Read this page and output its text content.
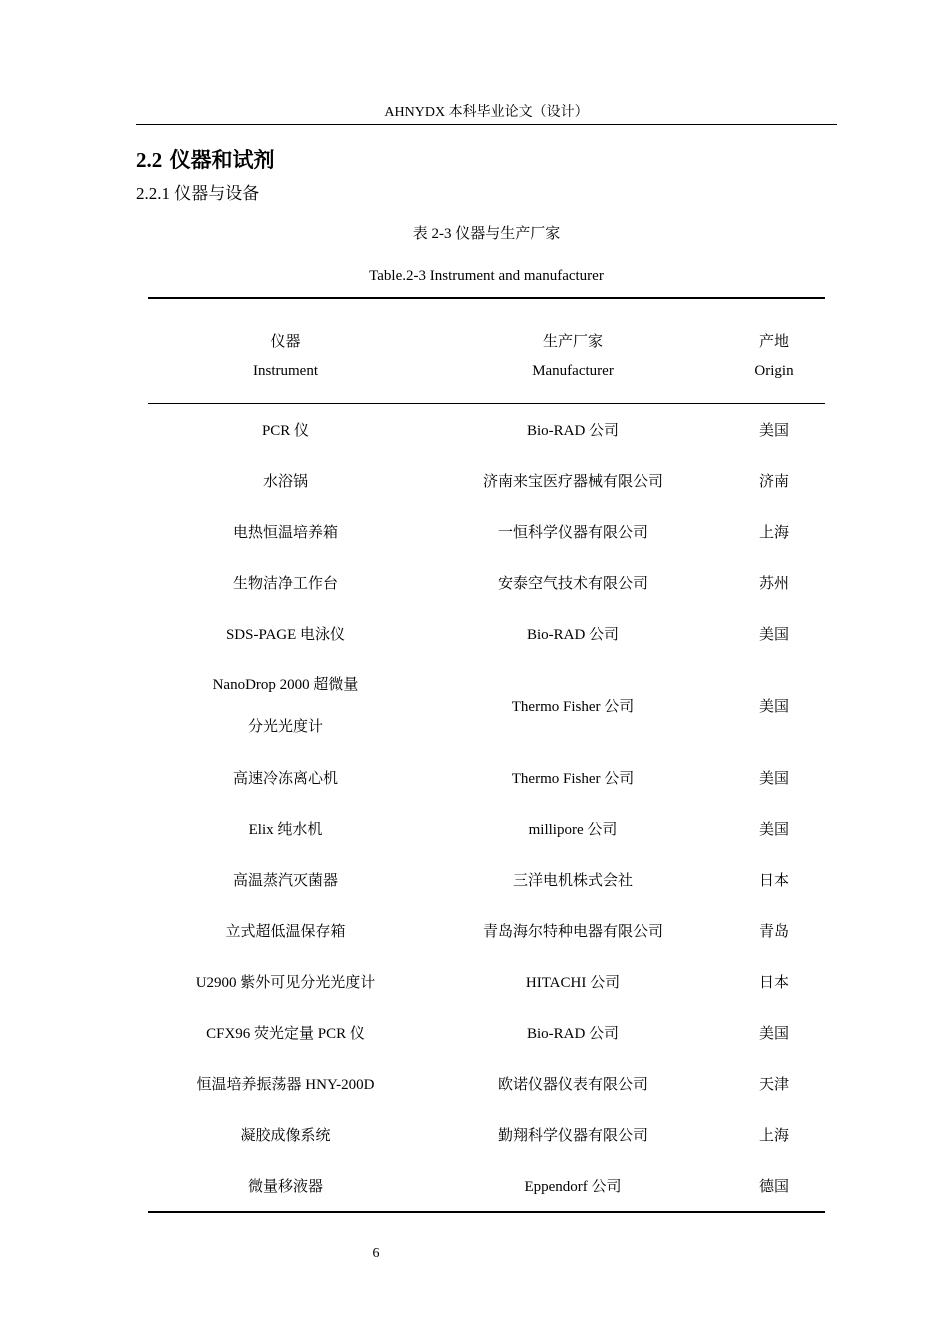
AHNYDX 本科毕业论文（设计）
2.2 仪器和试剂
2.2.1 仪器与设备
表 2-3 仪器与生产厂家
Table.2-3 Instrument and manufacturer
仪器	生产厂家	产地
Instrument	Manufacturer	Origin
PCR 仪	Bio-RAD 公司	美国
水浴锅	济南来宝医疗器械有限公司	济南
电热恒温培养箱	一恒科学仪器有限公司	上海
生物洁净工作台	安泰空气技术有限公司	苏州
SDS-PAGE 电泳仪	Bio-RAD 公司	美国

NanoDrop 2000 超微量
分光光度计	Thermo Fisher 公司	美国
高速冷冻离心机	Thermo Fisher 公司	美国
Elix 纯水机	millipore 公司	美国
高温蒸汽灭菌器	三洋电机株式会社	日本
立式超低温保存箱	青岛海尔特种电器有限公司	青岛
U2900 紫外可见分光光度计	HITACHI 公司	日本
CFX96 荧光定量 PCR 仪	Bio-RAD 公司	美国
恒温培养振荡器 HNY-200D	欧诺仪器仪表有限公司	天津
凝胶成像系统	勤翔科学仪器有限公司	上海
微量移液器	Eppendorf 公司	德国
6
